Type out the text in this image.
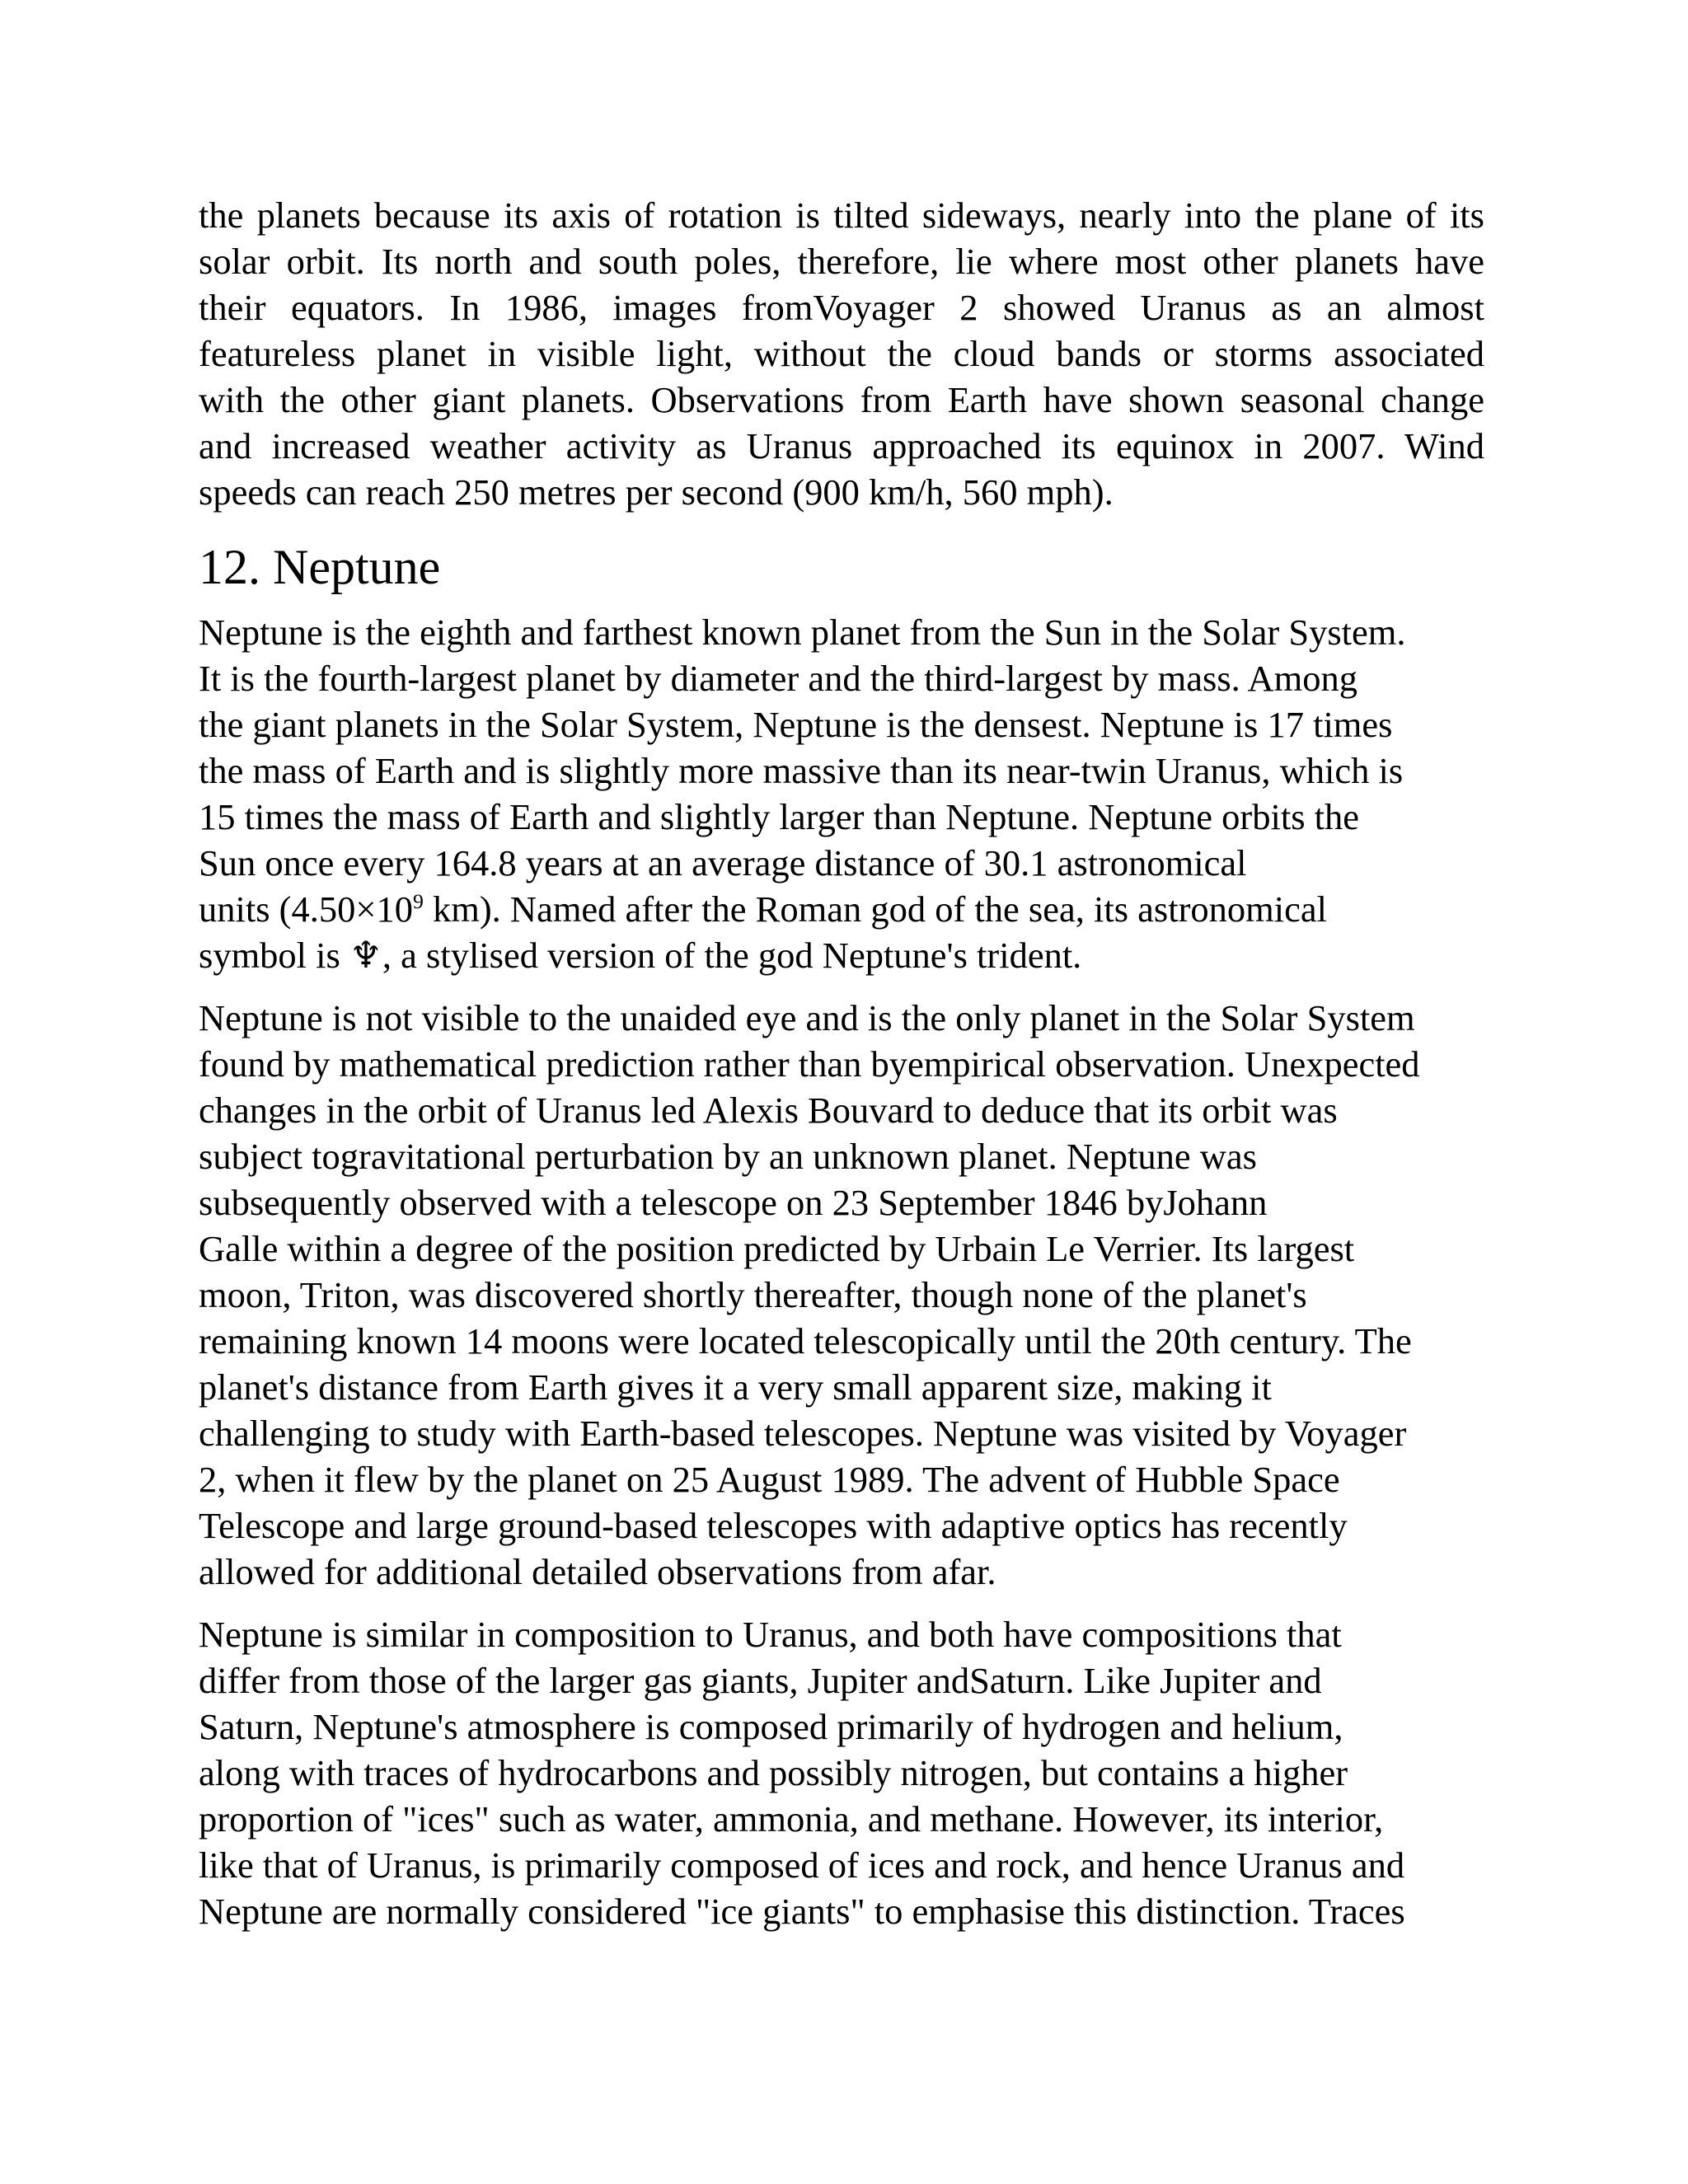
the planets because its axis of rotation is tilted sideways, nearly into the plane of its
solar orbit. Its north and south poles, therefore, lie where most other planets have
their equators. In 1986, images fromVoyager 2 showed Uranus as an almost
featureless planet in visible light, without the cloud bands or storms associated
with the other giant planets. Observations from Earth have shown seasonal change
and increased weather activity as Uranus approached its equinox in 2007. Wind
speeds can reach 250 metres per second (900 km/h, 560 mph).

12. Neptune

Neptune is the eighth and farthest known planet from the Sun in the Solar System.
It is the fourth-largest planet by diameter and the third-largest by mass. Among
the giant planets in the Solar System, Neptune is the densest. Neptune is 17 times
the mass of Earth and is slightly more massive than its near-twin Uranus, which is
15 times the mass of Earth and slightly larger than Neptune. Neptune orbits the
Sun once every 164.8 years at an average distance of 30.1 astronomical
units ($4.50\times 10^9$ km). Named after the Roman god of the sea, its astronomical
symbol is ♆, a stylised version of the god Neptune's trident.

Neptune is not visible to the unaided eye and is the only planet in the Solar System
found by mathematical prediction rather than byempirical observation. Unexpected
changes in the orbit of Uranus led Alexis Bouvard to deduce that its orbit was
subject togravitational perturbation by an unknown planet. Neptune was
subsequently observed with a telescope on 23 September 1846 byJohann
Galle within a degree of the position predicted by Urbain Le Verrier. Its largest
moon, Triton, was discovered shortly thereafter, though none of the planet's
remaining known 14 moons were located telescopically until the 20th century. The
planet's distance from Earth gives it a very small apparent size, making it
challenging to study with Earth-based telescopes. Neptune was visited by Voyager
2, when it flew by the planet on 25 August 1989. The advent of Hubble Space
Telescope and large ground-based telescopes with adaptive optics has recently
allowed for additional detailed observations from afar.

Neptune is similar in composition to Uranus, and both have compositions that
differ from those of the larger gas giants, Jupiter andSaturn. Like Jupiter and
Saturn, Neptune's atmosphere is composed primarily of hydrogen and helium,
along with traces of hydrocarbons and possibly nitrogen, but contains a higher
proportion of "ices" such as water, ammonia, and methane. However, its interior,
like that of Uranus, is primarily composed of ices and rock, and hence Uranus and
Neptune are normally considered "ice giants" to emphasise this distinction. Traces
